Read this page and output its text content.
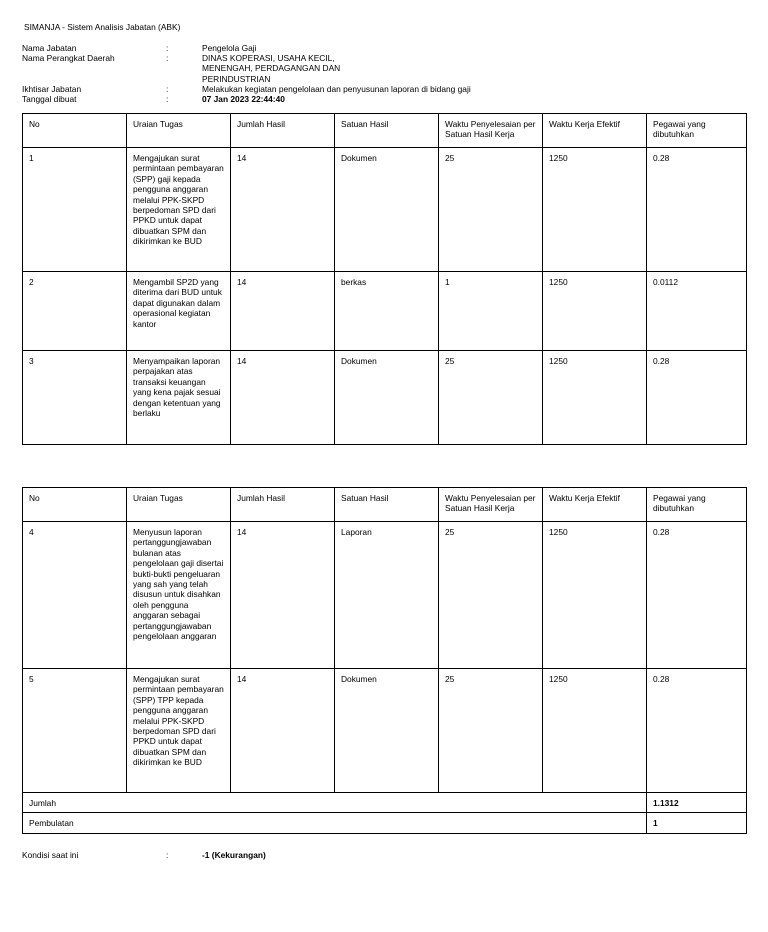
SIMANJA - Sistem Analisis Jabatan (ABK)
Nama Jabatan	:	Pengelola Gaji
Nama Perangkat Daerah	:	DINAS KOPERASI, USAHA KECIL, MENENGAH, PERDAGANGAN DAN PERINDUSTRIAN
Ikhtisar Jabatan	:	Melakukan kegiatan pengelolaan dan penyusunan laporan di bidang gaji
Tanggal dibuat	:	07 Jan 2023 22:44:40
No	Uraian Tugas	Jumlah Hasil	Satuan Hasil	Waktu Penyelesaian per Satuan Hasil Kerja	Waktu Kerja Efektif	Pegawai yang dibutuhkan
1	Mengajukan surat permintaan pembayaran (SPP) gaji kepada pengguna anggaran melalui PPK-SKPD berpedoman SPD dari PPKD untuk dapat dibuatkan SPM dan dikirimkan ke BUD	14	Dokumen	25	1250	0.28
2	Mengambil SP2D yang diterima dari BUD untuk dapat digunakan dalam operasional kegiatan kantor	14	berkas	1	1250	0.0112
3	Menyampaikan laporan perpajakan atas transaksi keuangan yang kena pajak sesuai dengan ketentuan yang berlaku	14	Dokumen	25	1250	0.28
No	Uraian Tugas	Jumlah Hasil	Satuan Hasil	Waktu Penyelesaian per Satuan Hasil Kerja	Waktu Kerja Efektif	Pegawai yang dibutuhkan
4	Menyusun laporan pertanggungjawaban bulanan atas pengelolaan gaji disertai bukti-bukti pengeluaran yang sah yang telah disusun untuk disahkan oleh pengguna anggaran sebagai pertanggungjawaban pengelolaan anggaran	14	Laporan	25	1250	0.28
5	Mengajukan surat permintaan pembayaran (SPP) TPP kepada pengguna anggaran melalui PPK-SKPD berpedoman SPD dari PPKD untuk dapat dibuatkan SPM dan dikirimkan ke BUD	14	Dokumen	25	1250	0.28
Jumlah						1.1312
Pembulatan						1
Kondisi saat ini	:	-1 (Kekurangan)
